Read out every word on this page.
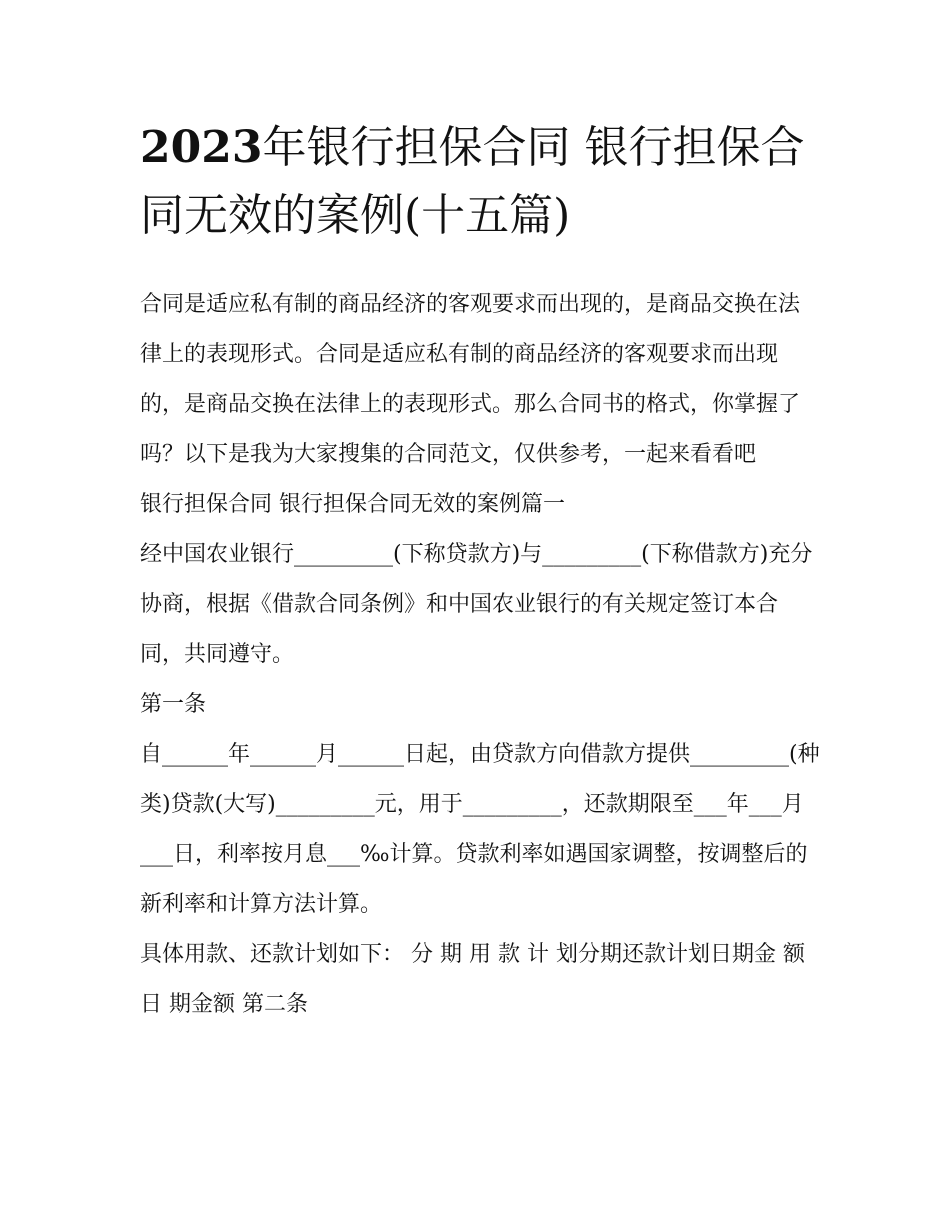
2023年银行担保合同 银行担保合同无效的案例(十五篇)

合同是适应私有制的商品经济的客观要求而出现的，是商品交换在法律上的表现形式。合同是适应私有制的商品经济的客观要求而出现的，是商品交换在法律上的表现形式。那么合同书的格式，你掌握了吗？以下是我为大家搜集的合同范文，仅供参考，一起来看看吧

银行担保合同 银行担保合同无效的案例篇一

经中国农业银行_________(下称贷款方)与_________(下称借款方)充分协商，根据《借款合同条例》和中国农业银行的有关规定签订本合同，共同遵守。

第一条

自______年______月______日起，由贷款方向借款方提供_________(种类)贷款(大写)_________元，用于_________，还款期限至___年___月___日，利率按月息___‰计算。贷款利率如遇国家调整，按调整后的新利率和计算方法计算。

具体用款、还款计划如下： 分 期 用 款 计 划分期还款计划日期金 额日 期金额 第二条
